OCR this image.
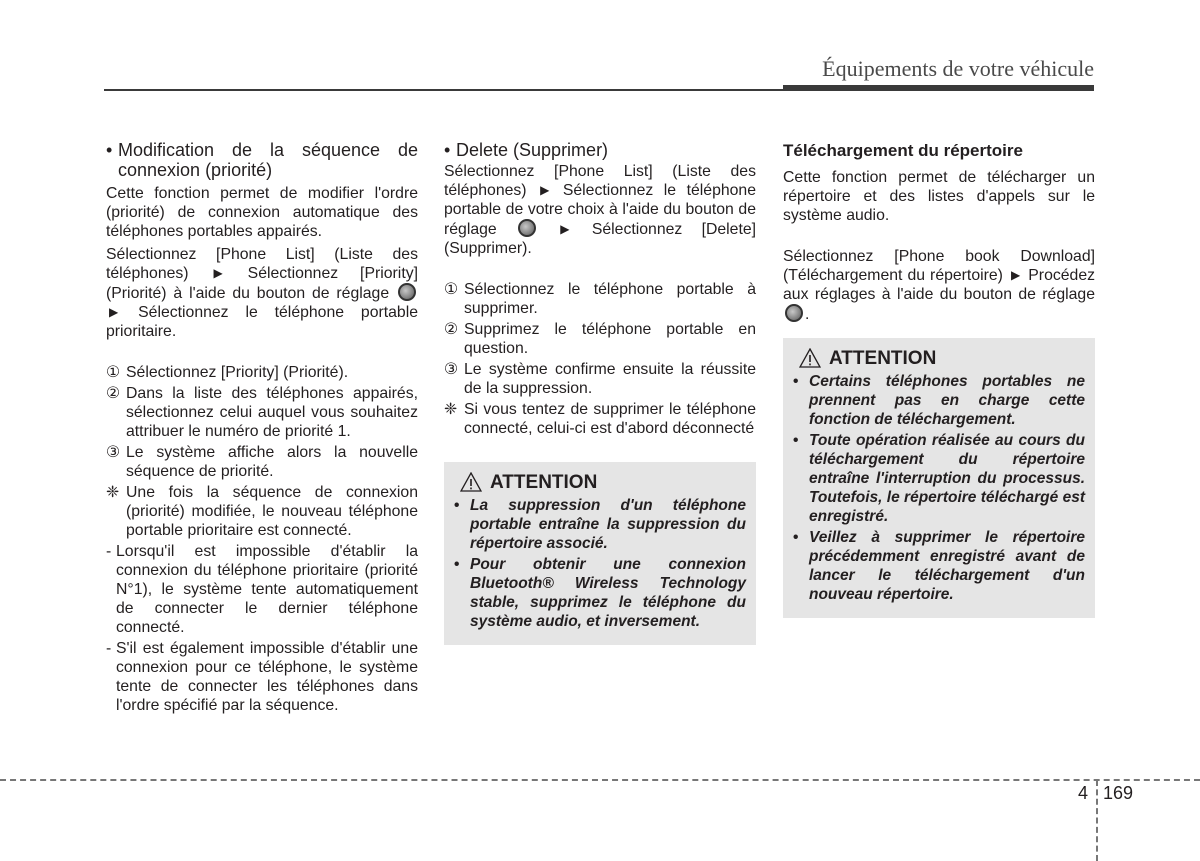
Équipements de votre véhicule

• Modification de la séquence de connexion (priorité)

Cette fonction permet de modifier l'ordre (priorité) de connexion automatique des téléphones portables appairés.

Sélectionnez [Phone List] (Liste des téléphones) ▶ Sélectionnez [Priority] (Priorité) à l'aide du bouton de réglage  ▶ Sélectionnez le téléphone portable prioritaire.

① Sélectionnez [Priority] (Priorité).
② Dans la liste des téléphones appairés, sélectionnez celui auquel vous souhaitez attribuer le numéro de priorité 1.
③ Le système affiche alors la nouvelle séquence de priorité.
❈ Une fois la séquence de connexion (priorité) modifiée, le nouveau téléphone portable prioritaire est connecté.
- Lorsqu'il est impossible d'établir la connexion du téléphone prioritaire (priorité N°1), le système tente automatiquement de connecter le dernier téléphone connecté.
- S'il est également impossible d'établir une connexion pour ce téléphone, le système tente de connecter les téléphones dans l'ordre spécifié par la séquence.

• Delete (Supprimer)

Sélectionnez [Phone List] (Liste des téléphones) ▶ Sélectionnez le téléphone portable de votre choix à l'aide du bouton de réglage	▶ Sélectionnez [Delete] (Supprimer).

① Sélectionnez le téléphone portable à supprimer.
② Supprimez le téléphone portable en question.
③ Le système confirme ensuite la réussite de la suppression.
❈ Si vous tentez de supprimer le téléphone connecté, celui-ci est d'abord déconnecté
ATTENTION
• La suppression d'un téléphone portable entraîne la suppression du répertoire associé.
• Pour obtenir une connexion Bluetooth® Wireless Technology stable, supprimez le téléphone du système audio, et inversement.

Téléchargement du répertoire

Cette fonction permet de télécharger un répertoire et des listes d'appels sur le système audio.

Sélectionnez [Phone book Download] (Téléchargement du répertoire) ▶ Procédez aux réglages à l'aide du bouton de réglage .

ATTENTION
• Certains téléphones portables ne prennent pas en charge cette fonction de téléchargement.
• Toute opération réalisée au cours du téléchargement du répertoire entraîne l'interruption du processus. Toutefois, le répertoire téléchargé est enregistré.
• Veillez à supprimer le répertoire précédemment enregistré avant de lancer le téléchargement d'un nouveau répertoire.
4 169
